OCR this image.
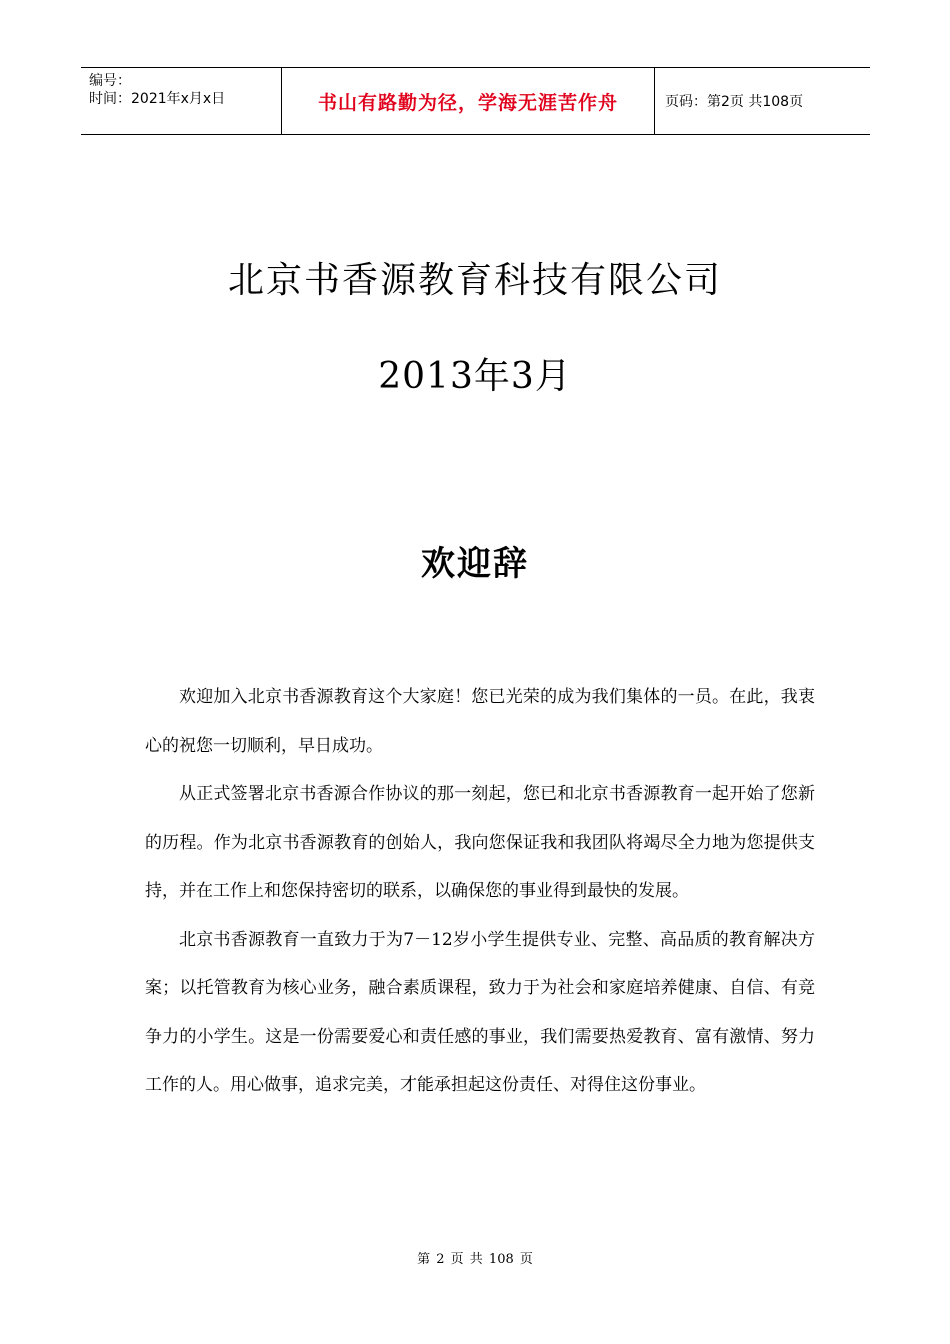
编号：
时间：2021年x月x日	书山有路勤为径，学海无涯苦作舟	页码：第2页 共108页
北京书香源教育科技有限公司
2013年3月
欢迎辞

欢迎加入北京书香源教育这个大家庭！您已光荣的成为我们集体的一员。在此，我衷心的祝您一切顺利，早日成功。

从正式签署北京书香源合作协议的那一刻起，您已和北京书香源教育一起开始了您新的历程。作为北京书香源教育的创始人，我向您保证我和我团队将竭尽全力地为您提供支持，并在工作上和您保持密切的联系，以确保您的事业得到最快的发展。

北京书香源教育一直致力于为7－12岁小学生提供专业、完整、高品质的教育解决方案；以托管教育为核心业务，融合素质课程，致力于为社会和家庭培养健康、自信、有竞争力的小学生。这是一份需要爱心和责任感的事业，我们需要热爱教育、富有激情、努力工作的人。用心做事，追求完美，才能承担起这份责任、对得住这份事业。

第 2 页 共 108 页
